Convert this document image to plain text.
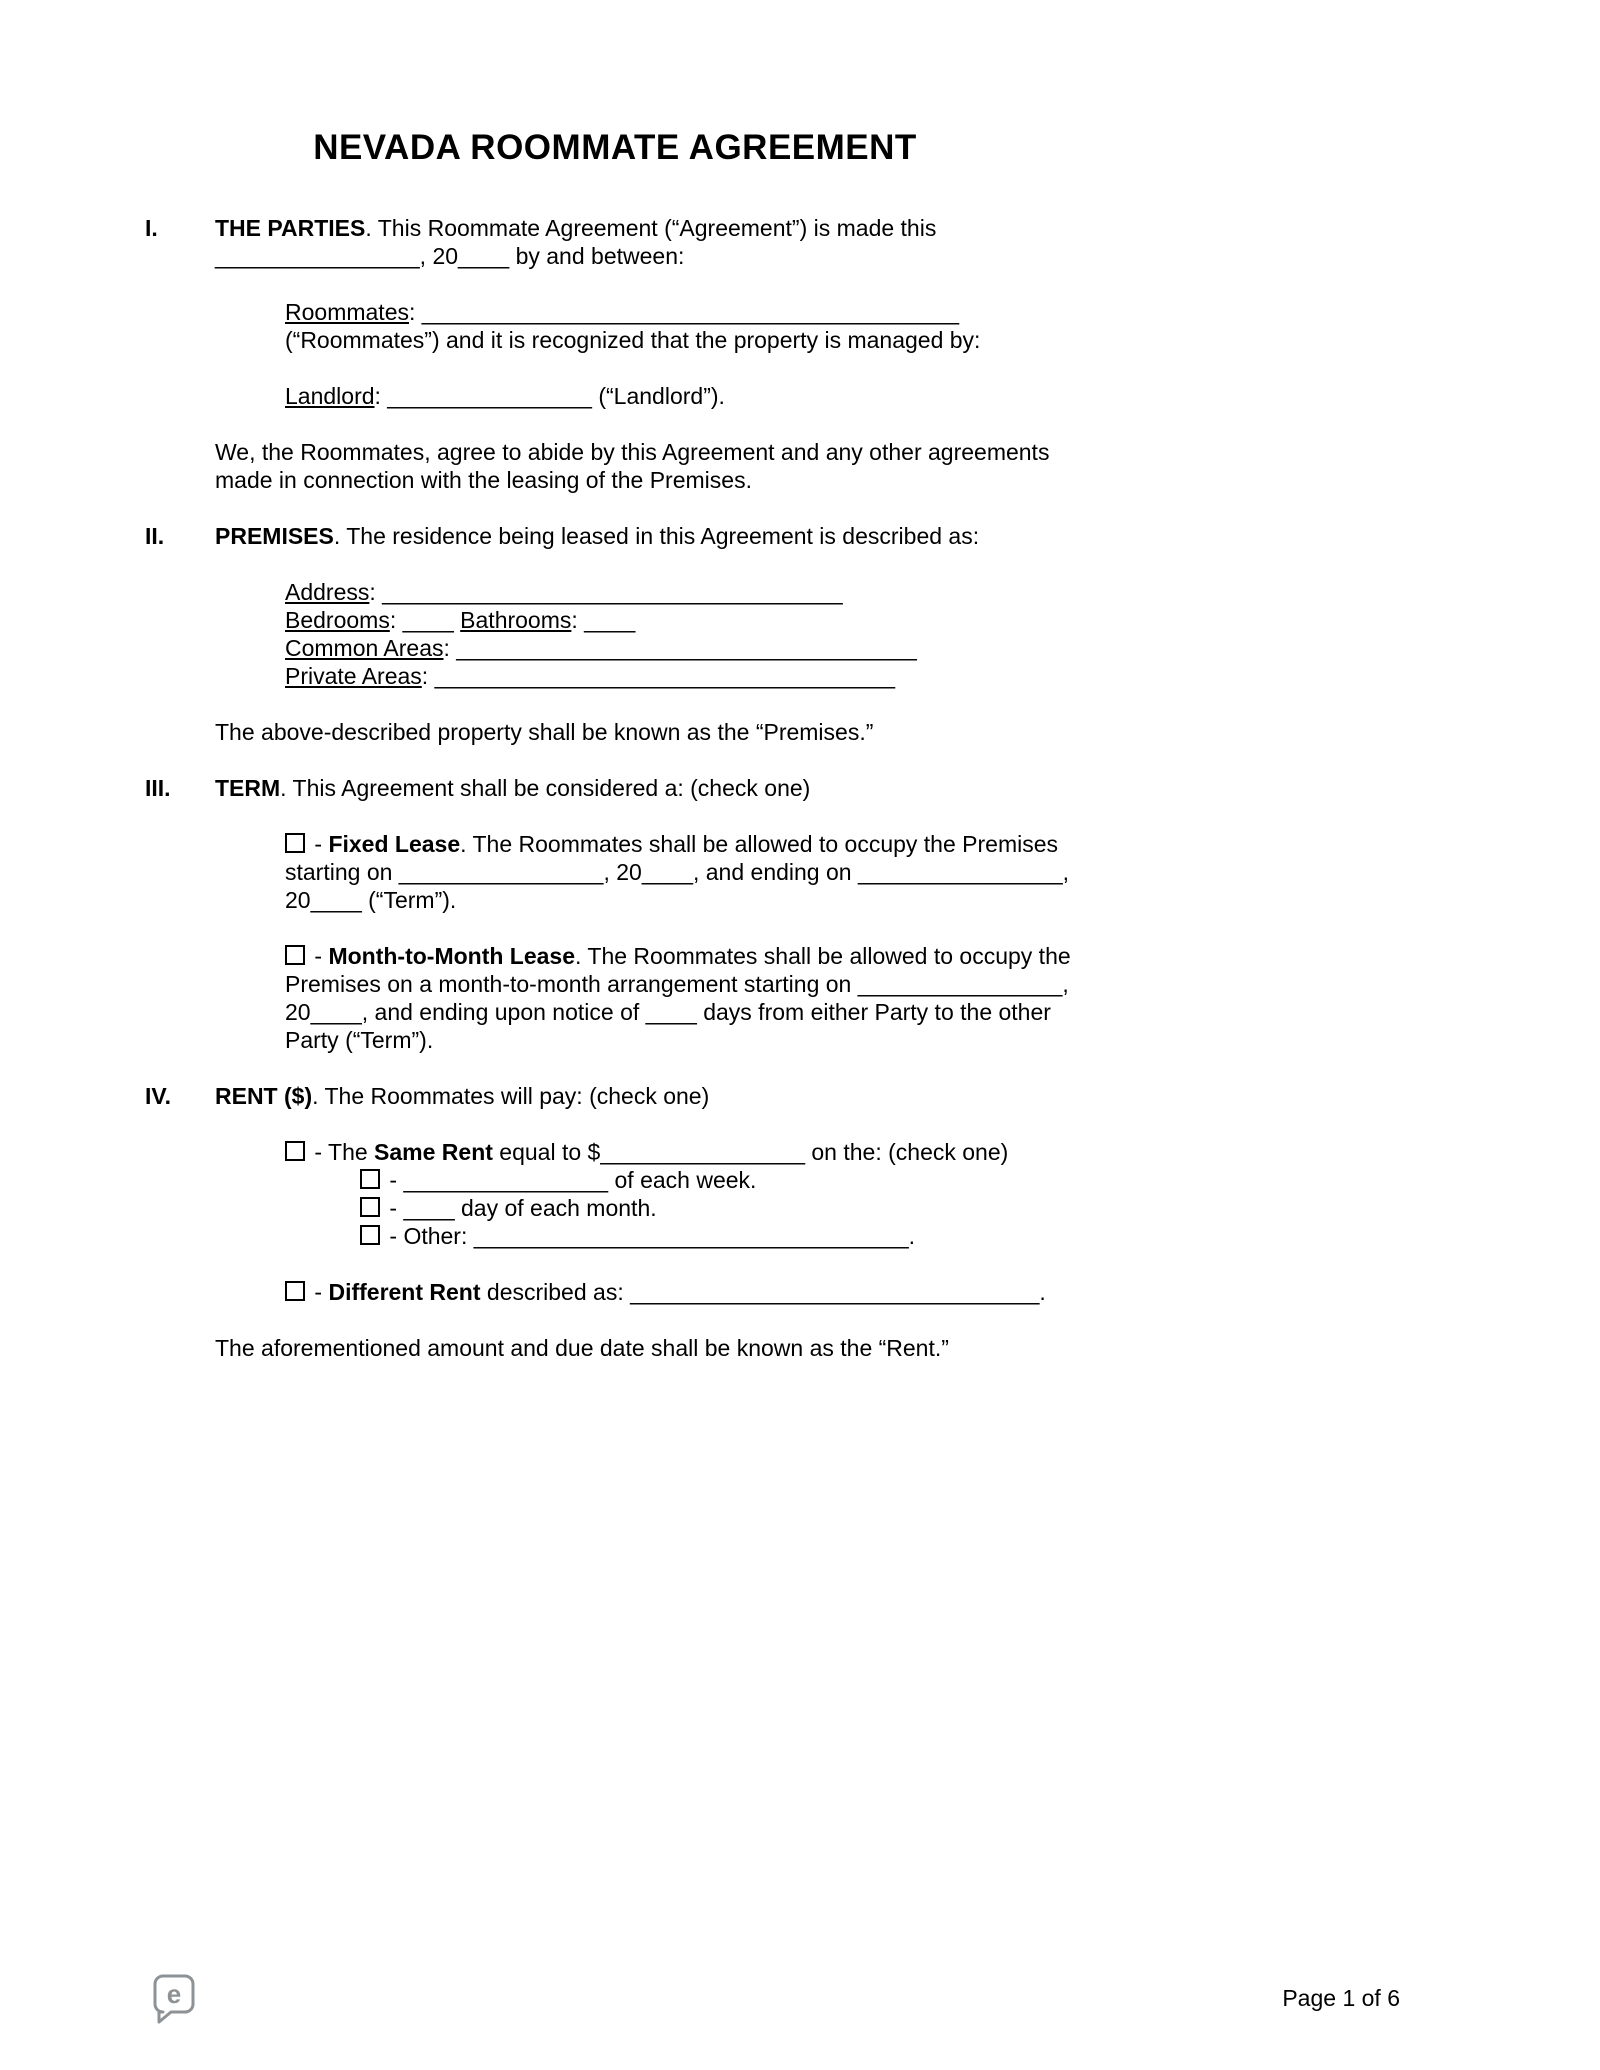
NEVADA ROOMMATE AGREEMENT
I. THE PARTIES. This Roommate Agreement (“Agreement”) is made this ________________, 20____ by and between:
Roommates: __________________________________________ (“Roommates”) and it is recognized that the property is managed by:
Landlord: ________________ (“Landlord”).
We, the Roommates, agree to abide by this Agreement and any other agreements made in connection with the leasing of the Premises.
II. PREMISES. The residence being leased in this Agreement is described as:
Address: ____________________________________
Bedrooms: ____ Bathrooms: ____
Common Areas: ____________________________________
Private Areas: ____________________________________
The above-described property shall be known as the “Premises.”
III. TERM. This Agreement shall be considered a: (check one)
- Fixed Lease. The Roommates shall be allowed to occupy the Premises starting on ________________, 20____, and ending on ________________, 20____ (“Term”).
- Month-to-Month Lease. The Roommates shall be allowed to occupy the Premises on a month-to-month arrangement starting on ________________, 20____, and ending upon notice of ____ days from either Party to the other Party (“Term”).
IV. RENT ($). The Roommates will pay: (check one)
- The Same Rent equal to $________________ on the: (check one)
- ________________ of each week.
- ____ day of each month.
- Other: __________________________________.
- Different Rent described as: ________________________________.
The aforementioned amount and due date shall be known as the “Rent.”
e	Page 1 of 6
